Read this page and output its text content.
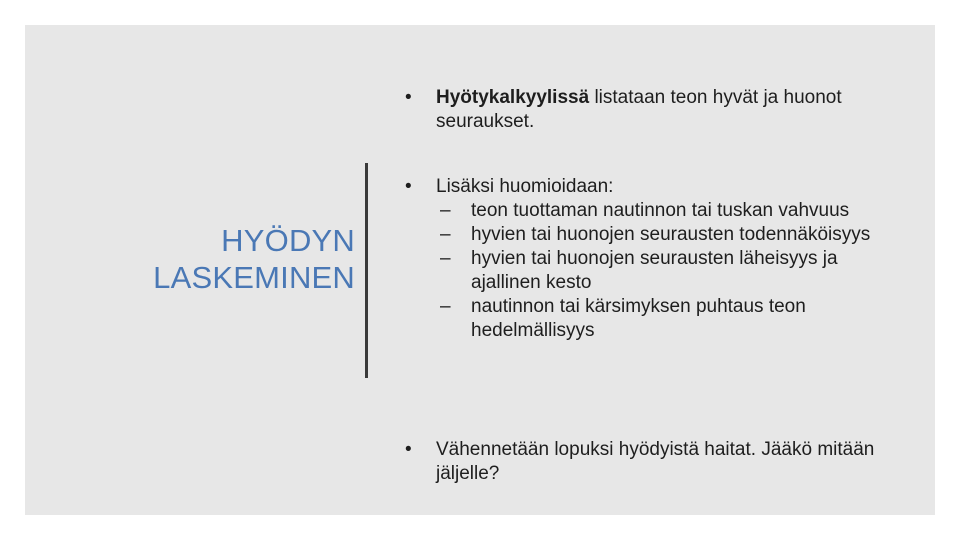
HYÖDYN
LASKEMINEN
• Hyötykalkyylissä listataan teon hyvät ja huonot seuraukset.
• Lisäksi huomioidaan:
– teon tuottaman nautinnon tai tuskan vahvuus
– hyvien tai huonojen seurausten todennäköisyys
– hyvien tai huonojen seurausten läheisyys ja ajallinen kesto
– nautinnon tai kärsimyksen puhtaus teon hedelmällisyys
• Vähennetään lopuksi hyödyistä haitat. Jääkö mitään jäljelle?
